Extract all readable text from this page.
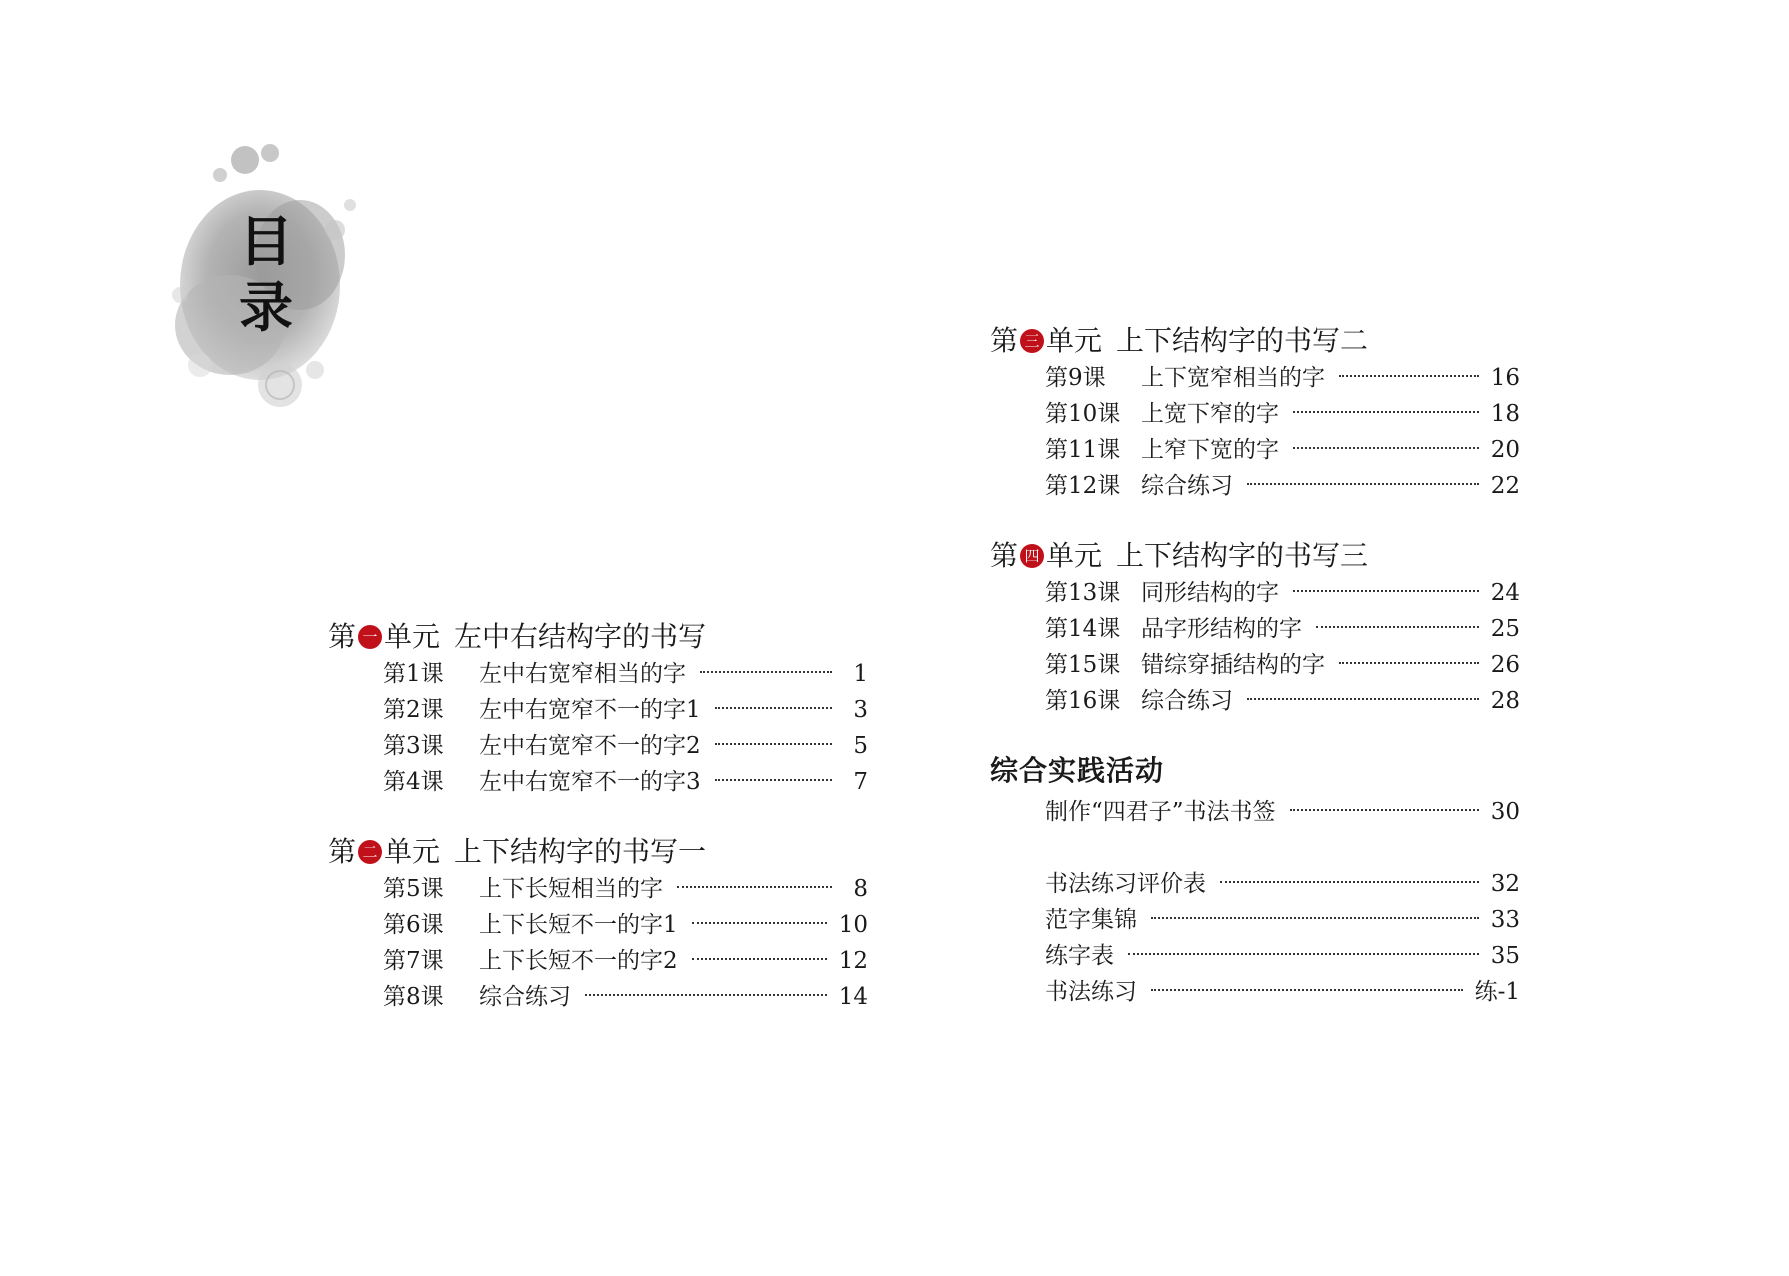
目
录
第 一 单元 左中右结构字的书写
第1课	左中右宽窄相当的字	1
第2课	左中右宽窄不一的字1	3
第3课	左中右宽窄不一的字2	5
第4课	左中右宽窄不一的字3	7
第 二 单元 上下结构字的书写一
第5课	上下长短相当的字	8
第6课	上下长短不一的字1	10
第7课	上下长短不一的字2	12
第8课	综合练习	14
第 三 单元 上下结构字的书写二
第9课	上下宽窄相当的字	16
第10课 上宽下窄的字	18
第11课 上窄下宽的字	20
第12课 综合练习	22
第 四 单元 上下结构字的书写三
第13课 同形结构的字	24
第14课 品字形结构的字	25
第15课 错综穿插结构的字	26
第16课 综合练习	28
综合实践活动
制作“四君子”书法书签	30
书法练习评价表	32
范字集锦	33
练字表	35
书法练习	练-1
